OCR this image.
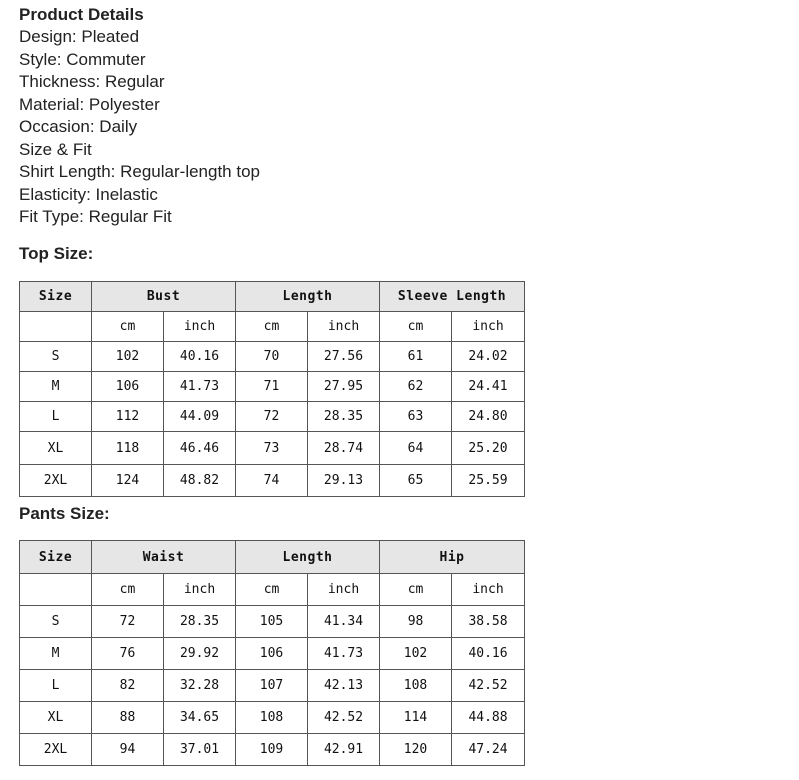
Product Details
Design: Pleated
Style: Commuter
Thickness: Regular
Material: Polyester
Occasion: Daily
Size & Fit
Shirt Length: Regular-length top
Elasticity: Inelastic
Fit Type: Regular Fit
Top Size:
Size	Bust		Length		Sleeve Length	
	cm	inch	cm	inch	cm	inch
S	102	40.16	70	27.56	61	24.02
M	106	41.73	71	27.95	62	24.41
L	112	44.09	72	28.35	63	24.80
XL	118	46.46	73	28.74	64	25.20
2XL	124	48.82	74	29.13	65	25.59
Pants Size:
Size	Waist		Length		Hip	
	cm	inch	cm	inch	cm	inch
S	72	28.35	105	41.34	98	38.58
M	76	29.92	106	41.73	102	40.16
L	82	32.28	107	42.13	108	42.52
XL	88	34.65	108	42.52	114	44.88
2XL	94	37.01	109	42.91	120	47.24
